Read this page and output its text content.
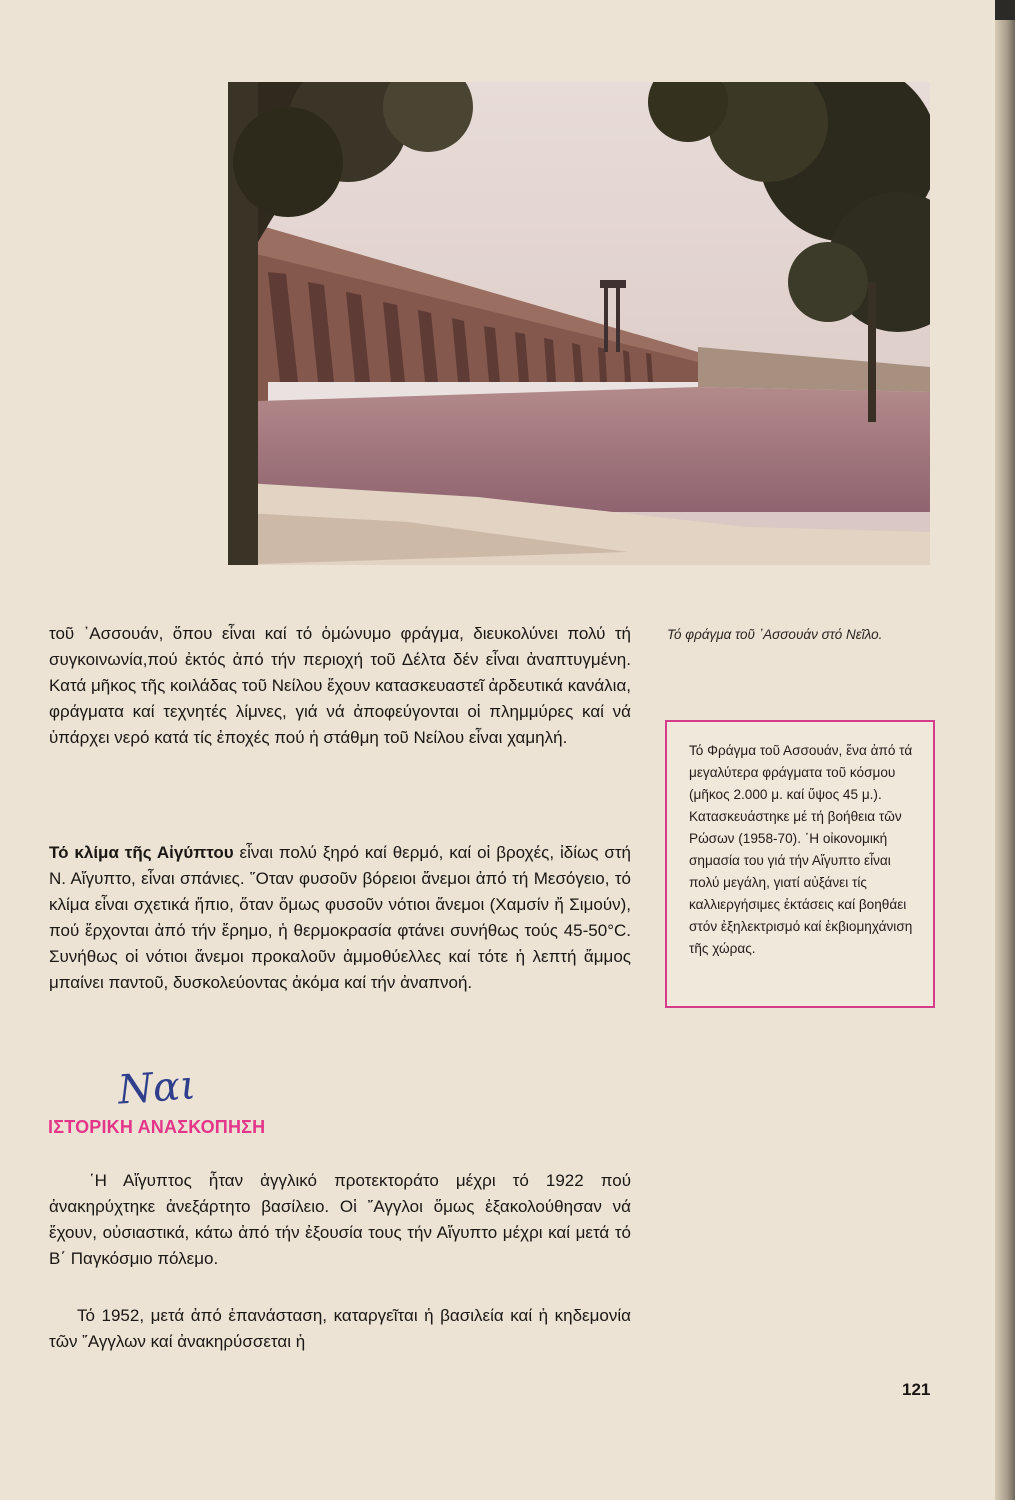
Τό φράγμα τοῦ ᾽Ασσουάν στό Νεῖλο.
Τό Φράγμα τοῦ Ασσουάν, ἕνα ἀπό τά μεγαλύτερα φράγματα τοῦ κόσμου (μῆκος 2.000 μ. καί ὕψος 45 μ.). Κατασκευάστηκε μέ τή βοήθεια τῶν Ρώσων (1958-70). ῾Η οἰκονομική σημασία του γιά τήν Αἴγυπτο εἶναι πολύ μεγάλη, γιατί αὐξάνει τίς καλλιεργήσιμες ἐκτάσεις καί βοηθάει στόν ἐξηλεκτρισμό καί ἐκβιομηχάνιση τῆς χώρας.

τοῦ ᾽Ασσουάν, ὅπου εἶναι καί τό ὁμώνυμο φράγμα, διευκολύνει πολύ τή συγκοινωνία,πού ἐκτός ἀπό τήν περιοχή τοῦ Δέλτα δέν εἶναι ἀναπτυγμένη. Κατά μῆκος τῆς κοιλάδας τοῦ Νείλου ἔχουν κατασκευαστεῖ ἀρδευτικά κανάλια, φράγματα καί τεχνητές λίμνες, γιά νά ἀποφεύγονται οἱ πλημμύρες καί νά ὑπάρχει νερό κατά τίς ἐποχές πού ἡ στάθμη τοῦ Νείλου εἶναι χαμηλή.

Τό κλίμα τῆς Αἰγύπτου εἶναι πολύ ξηρό καί θερμό, καί οἱ βροχές, ἰδίως στή Ν. Αἴγυπτο, εἶναι σπάνιες. ῞Οταν φυσοῦν βόρειοι ἄνεμοι ἀπό τή Μεσόγειο, τό κλίμα εἶναι σχετικά ἤπιο, ὅταν ὅμως φυσοῦν νότιοι ἄνεμοι (Χαμσίν ἤ Σιμούν), πού ἔρχονται ἀπό τήν ἔρημο, ἡ θερμοκρασία φτάνει συνήθως τούς 45-50°C. Συνήθως οἱ νότιοι ἄνεμοι προκαλοῦν ἀμμοθύελλες καί τότε ἡ λεπτή ἄμμος μπαίνει παντοῦ, δυσκολεύοντας ἀκόμα καί τήν ἀναπνοή.

Ναι
ΙΣΤΟΡΙΚΗ ΑΝΑΣΚΟΠΗΣΗ

῾Η Αἴγυπτος ἦταν ἀγγλικό προτεκτοράτο μέχρι τό 1922 πού ἀνακηρύχτηκε ἀνεξάρτητο βασίλειο. Οἱ ῎Αγγλοι ὅμως ἐξακολούθησαν νά ἔχουν, οὐσιαστικά, κάτω ἀπό τήν ἐξουσία τους τήν Αἴγυπτο μέχρι καί μετά τό Β΄ Παγκόσμιο πόλεμο.

Τό 1952, μετά ἀπό ἐπανάσταση, καταργεῖται ἡ βασιλεία καί ἡ κηδεμονία τῶν ῎Αγγλων καί ἀνακηρύσσεται ἡ

121
